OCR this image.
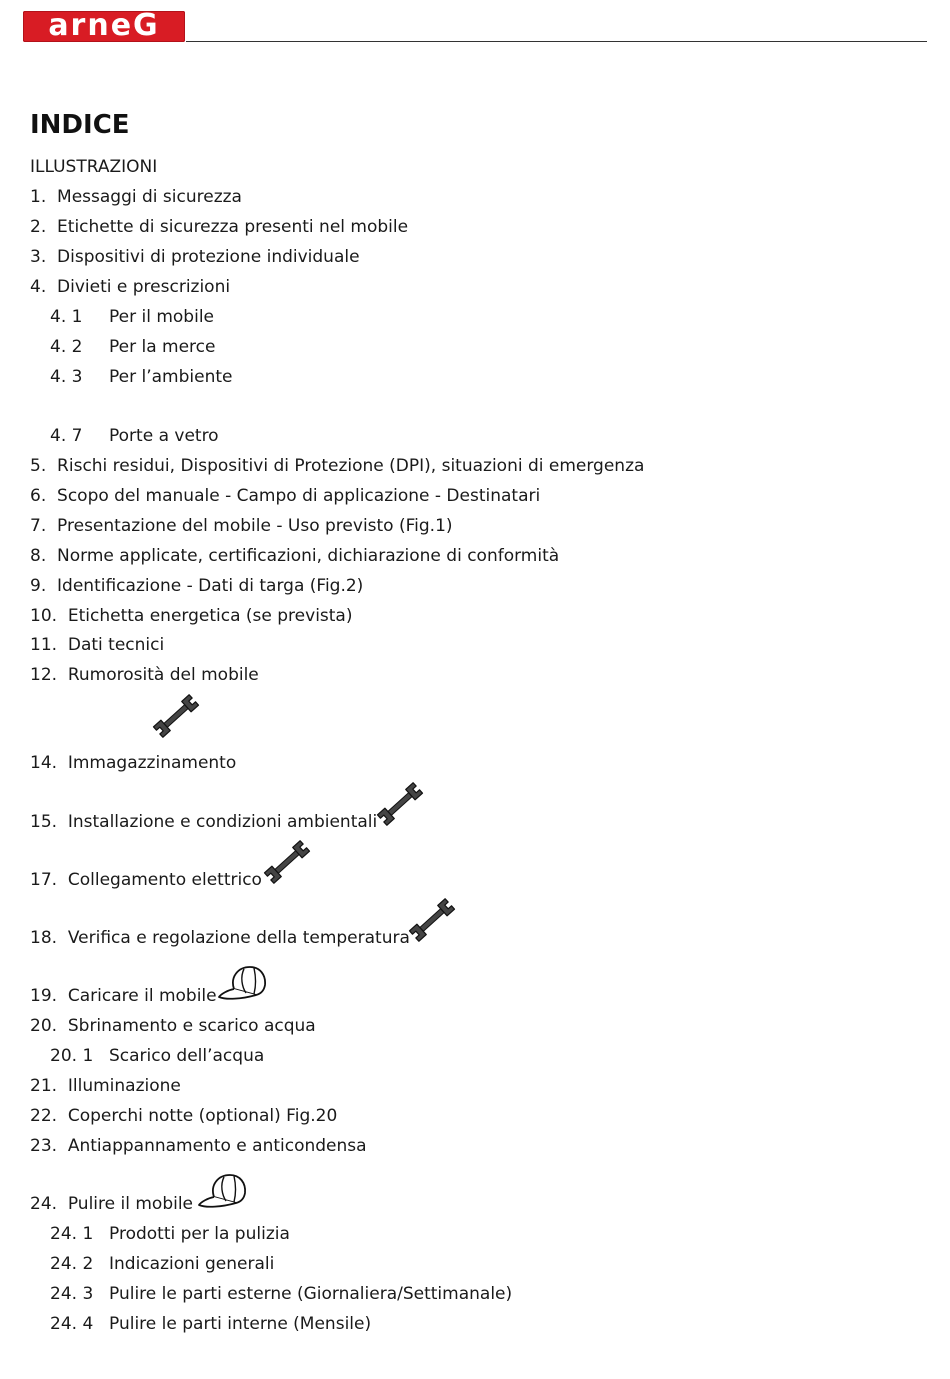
arneG
INDICE
ILLUSTRAZIONI
1. Messaggi di sicurezza
2. Etichette di sicurezza presenti nel mobile
3. Dispositivi di protezione individuale
4. Divieti e prescrizioni
4. 1 Per il mobile
4. 2 Per la merce
4. 3 Per l’ambiente
4. 7 Porte a vetro
5. Rischi residui, Dispositivi di Protezione (DPI), situazioni di emergenza
6. Scopo del manuale - Campo di applicazione - Destinatari
7. Presentazione del mobile - Uso previsto (Fig.1)
8. Norme applicate, certificazioni, dichiarazione di conformità
9. Identificazione - Dati di targa (Fig.2)
10. Etichetta energetica (se prevista)
11. Dati tecnici
12. Rumorosità del mobile
14. Immagazzinamento
15. Installazione e condizioni ambientali
17. Collegamento elettrico
18. Verifica e regolazione della temperatura
19. Caricare il mobile
20. Sbrinamento e scarico acqua
20. 1 Scarico dell’acqua
21. Illuminazione
22. Coperchi notte (optional) Fig.20
23. Antiappannamento e anticondensa
24. Pulire il mobile
24. 1 Prodotti per la pulizia
24. 2 Indicazioni generali
24. 3 Pulire le parti esterne (Giornaliera/Settimanale)
24. 4 Pulire le parti interne (Mensile)
